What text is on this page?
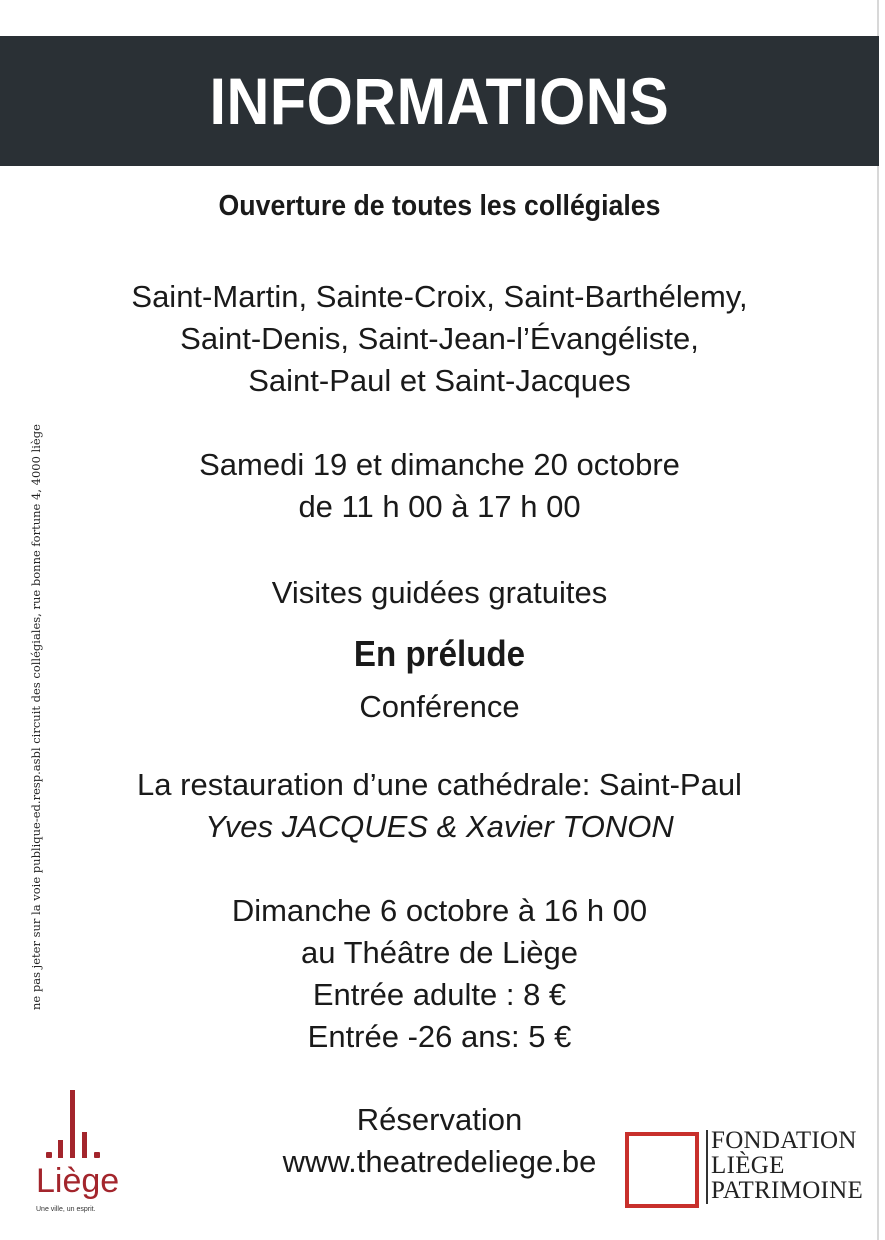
INFORMATIONS
Ouverture de toutes les collégiales
Saint-Martin, Sainte-Croix, Saint-Barthélemy,
Saint-Denis, Saint-Jean-l’Évangéliste,
Saint-Paul et Saint-Jacques
Samedi 19 et dimanche 20 octobre
de 11 h 00 à 17 h 00
Visites guidées gratuites
En prélude
Conférence
La restauration d’une cathédrale: Saint-Paul
Yves JACQUES & Xavier TONON
Dimanche 6 octobre à 16 h 00
au Théâtre de Liège
Entrée adulte : 8 €
Entrée -26 ans: 5 €
Réservation
www.theatredeliege.be
ne pas jeter sur la voie publique-ed.resp.asbl circuit des collégiales, rue bonne fortune 4, 4000 liège
Liège
Une ville, un esprit.
FONDATION
LIÈGE
PATRIMOINE
